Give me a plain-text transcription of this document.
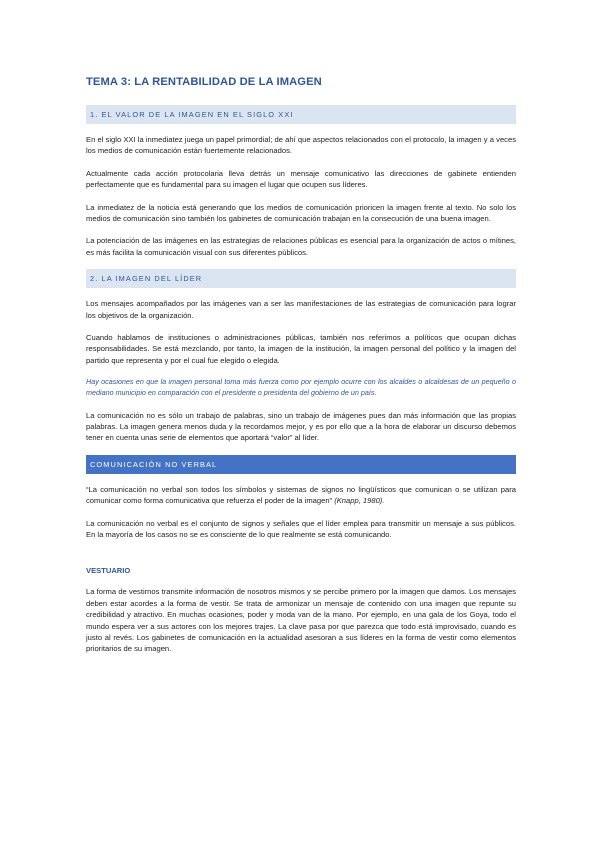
TEMA 3: LA RENTABILIDAD DE LA IMAGEN
1. EL VALOR DE LA IMAGEN EN EL SIGLO XXI

En el siglo XXI la inmediatez juega un papel primordial; de ahí que aspectos relacionados con el protocolo, la imagen y a veces los medios de comunicación están fuertemente relacionados.

Actualmente cada acción protocolaria lleva detrás un mensaje comunicativo las direcciones de gabinete entienden perfectamente que es fundamental para su imagen el lugar que ocupen sus líderes.

La inmediatez de la noticia está generando que los medios de comunicación prioricen la imagen frente al texto. No solo los medios de comunicación sino también los gabinetes de comunicación trabajan en la consecución de una buena imagen.

La potenciación de las imágenes en las estrategias de relaciones públicas es esencial para la organización de actos o mítines, es más facilita la comunicación visual con sus diferentes públicos.

2. LA IMAGEN DEL LÍDER

Los mensajes acompañados por las imágenes van a ser las manifestaciones de las estrategias de comunicación para lograr los objetivos de la organización.

Cuando hablamos de instituciones o administraciones públicas, también nos referimos a políticos que ocupan dichas responsabilidades. Se está mezclando, por tanto, la imagen de la institución, la imagen personal del político y la imagen del partido que representa y por el cual fue elegido o elegida.

Hay ocasiones en que la imagen personal toma más fuerza como por ejemplo ocurre con los alcaldes o alcaldesas de un pequeño o mediano municipio en comparación con el presidente o presidenta del gobierno de un país.

La comunicación no es sólo un trabajo de palabras, sino un trabajo de imágenes pues dan más información que las propias palabras. La imagen genera menos duda y la recordamos mejor, y es por ello que a la hora de elaborar un discurso debemos tener en cuenta unas serie de elementos que aportará “valor” al líder.

COMUNICACIÓN NO VERBAL

“La comunicación no verbal son todos los símbolos y sistemas de signos no lingüísticos que comunican o se utilizan para comunicar como forma comunicativa que refuerza el poder de la imagen” (Knapp, 1980).

La comunicación no verbal es el conjunto de signos y señales que el líder emplea para transmitir un mensaje a sus públicos. En la mayoría de los casos no se es consciente de lo que realmente se está comunicando.

VESTUARIO

La forma de vestirnos transmite información de nosotros mismos y se percibe primero por la imagen que damos. Los mensajes deben estar acordes a la forma de vestir. Se trata de armonizar un mensaje de contenido con una imagen que repunte su credibilidad y atractivo. En muchas ocasiones, poder y moda van de la mano. Por ejemplo, en una gala de los Goya, todo el mundo espera ver a sus actores con los mejores trajes. La clave pasa por que parezca que todo está improvisado, cuando es justo al revés. Los gabinetes de comunicación en la actualidad asesoran a sus líderes en la forma de vestir como elementos prioritarios de su imagen.
